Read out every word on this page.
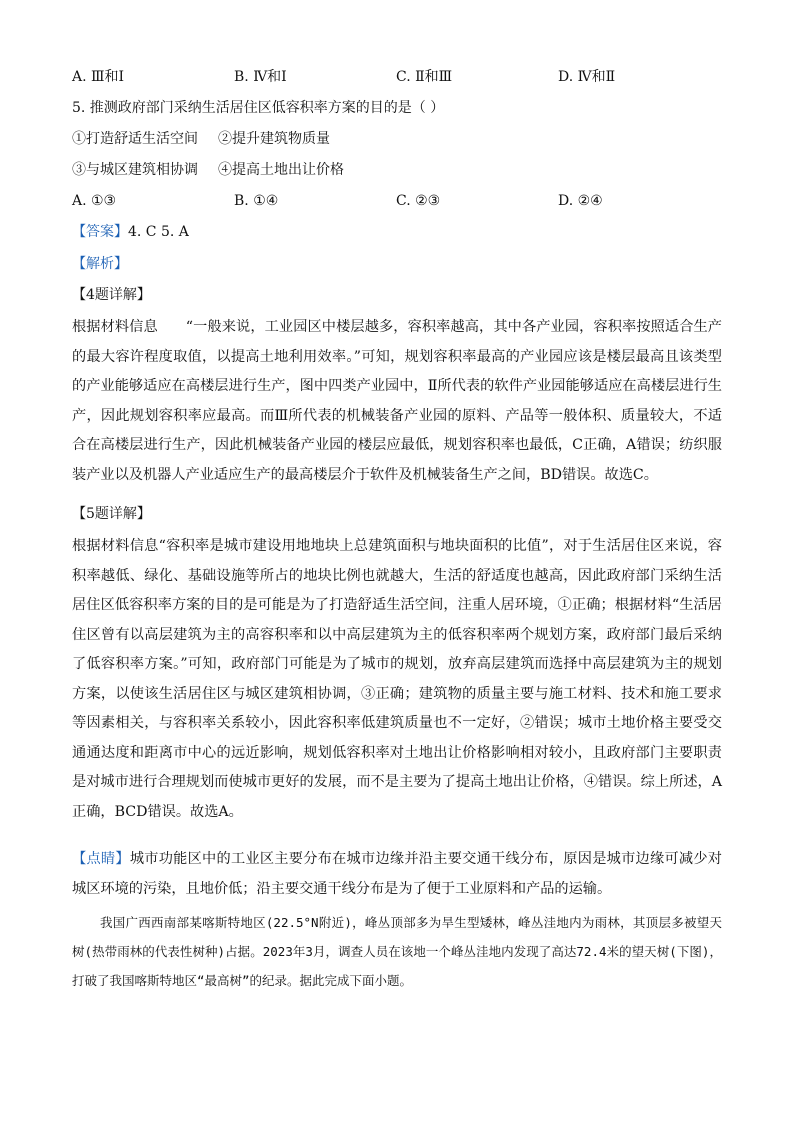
A. Ⅲ和Ⅰ	B. Ⅳ和Ⅰ	C. Ⅱ和Ⅲ	D. Ⅳ和Ⅱ
5. 推测政府部门采纳生活居住区低容积率方案的目的是（ ）
①打造舒适生活空间 ②提升建筑物质量
③与城区建筑相协调 ④提高土地出让价格
A. ①③	B. ①④	C. ②③	D. ②④
【答案】4. C 5. A
【解析】
【4题详解】
根据材料信息 “一般来说，工业园区中楼层越多，容积率越高，其中各产业园，容积率按照适合生产的最大容许程度取值，以提高土地利用效率。”可知，规划容积率最高的产业园应该是楼层最高且该类型的产业能够适应在高楼层进行生产，图中四类产业园中，Ⅱ所代表的软件产业园能够适应在高楼层进行生产，因此规划容积率应最高。而Ⅲ所代表的机械装备产业园的原料、产品等一般体积、质量较大，不适合在高楼层进行生产，因此机械装备产业园的楼层应最低，规划容积率也最低，C正确，A错误；纺织服装产业以及机器人产业适应生产的最高楼层介于软件及机械装备生产之间，BD错误。故选C。
【5题详解】
根据材料信息“容积率是城市建设用地地块上总建筑面积与地块面积的比值”，对于生活居住区来说，容积率越低、绿化、基础设施等所占的地块比例也就越大，生活的舒适度也越高，因此政府部门采纳生活居住区低容积率方案的目的是可能是为了打造舒适生活空间，注重人居环境，①正确；根据材料“生活居住区曾有以高层建筑为主的高容积率和以中高层建筑为主的低容积率两个规划方案，政府部门最后采纳了低容积率方案。”可知，政府部门可能是为了城市的规划，放弃高层建筑而选择中高层建筑为主的规划方案，以使该生活居住区与城区建筑相协调，③正确；建筑物的质量主要与施工材料、技术和施工要求等因素相关，与容积率关系较小，因此容积率低建筑质量也不一定好，②错误；城市土地价格主要受交通通达度和距离市中心的远近影响，规划低容积率对土地出让价格影响相对较小，且政府部门主要职责是对城市进行合理规划而使城市更好的发展，而不是主要为了提高土地出让价格，④错误。综上所述，A正确，BCD错误。故选A。
【点睛】城市功能区中的工业区主要分布在城市边缘并沿主要交通干线分布，原因是城市边缘可减少对城区环境的污染，且地价低；沿主要交通干线分布是为了便于工业原料和产品的运输。
我国广西西南部某喀斯特地区(22.5°N附近)，峰丛顶部多为旱生型矮林，峰丛洼地内为雨林，其顶层多被望天树(热带雨林的代表性树种)占据。2023年3月，调查人员在该地一个峰丛洼地内发现了高达72.4米的望天树(下图)，打破了我国喀斯特地区“最高树”的纪录。据此完成下面小题。
